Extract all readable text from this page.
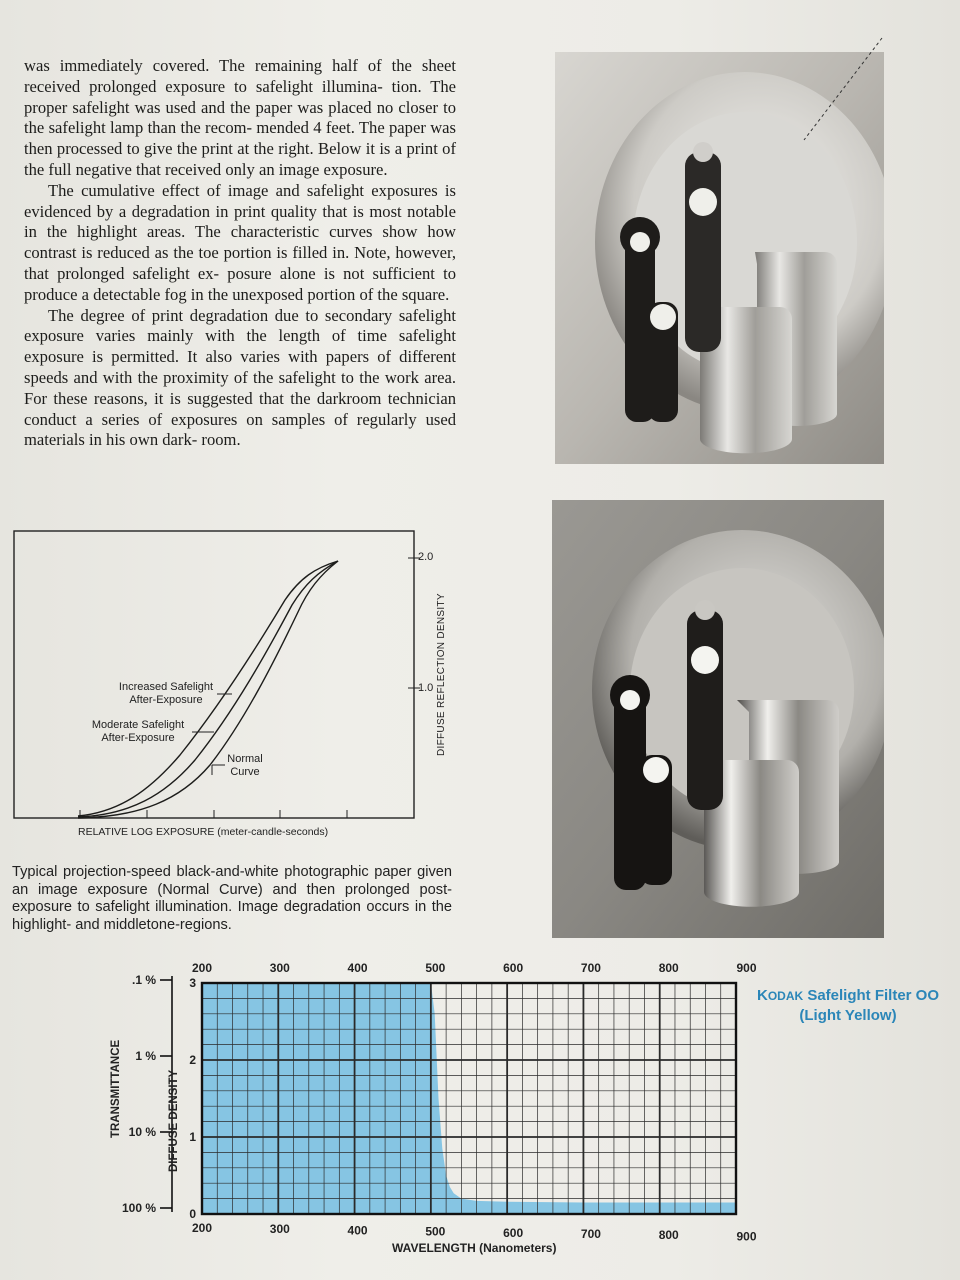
was immediately covered. The remaining half of the sheet received prolonged exposure to safelight illumina- tion. The proper safelight was used and the paper was placed no closer to the safelight lamp than the recom- mended 4 feet. The paper was then processed to give the print at the right. Below it is a print of the full negative that received only an image exposure.

The cumulative effect of image and safelight exposures is evidenced by a degradation in print quality that is most notable in the highlight areas. The characteristic curves show how contrast is reduced as the toe portion is filled in. Note, however, that prolonged safelight ex- posure alone is not sufficient to produce a detectable fog in the unexposed portion of the square.

The degree of print degradation due to secondary safelight exposure varies mainly with the length of time safelight exposure is permitted. It also varies with papers of different speeds and with the proximity of the safelight to the work area. For these reasons, it is suggested that the darkroom technician conduct a series of exposures on samples of regularly used materials in his own dark- room.

Increased Safelight
After-Exposure
Moderate Safelight
After-Exposure
Normal
Curve
2.0
1.0 DIFFUSE REFLECTION DENSITY
RELATIVE LOG EXPOSURE (meter-candle-seconds)

Typical projection-speed black-and-white photographic paper given an image exposure (Normal Curve) and then prolonged post-exposure to safelight illumination. Image degradation occurs in the highlight- and middletone-regions.

200	300	400	500	600	700	800	900
200	300	400	500	600	700	800	900
3
2
1
0
.1 %
1 %
10 %
100 %
TRANSMITTANCE	DIFFUSE DENSITY
WAVELENGTH (Nanometers)
KODAK Safelight Filter OO
(Light Yellow)
